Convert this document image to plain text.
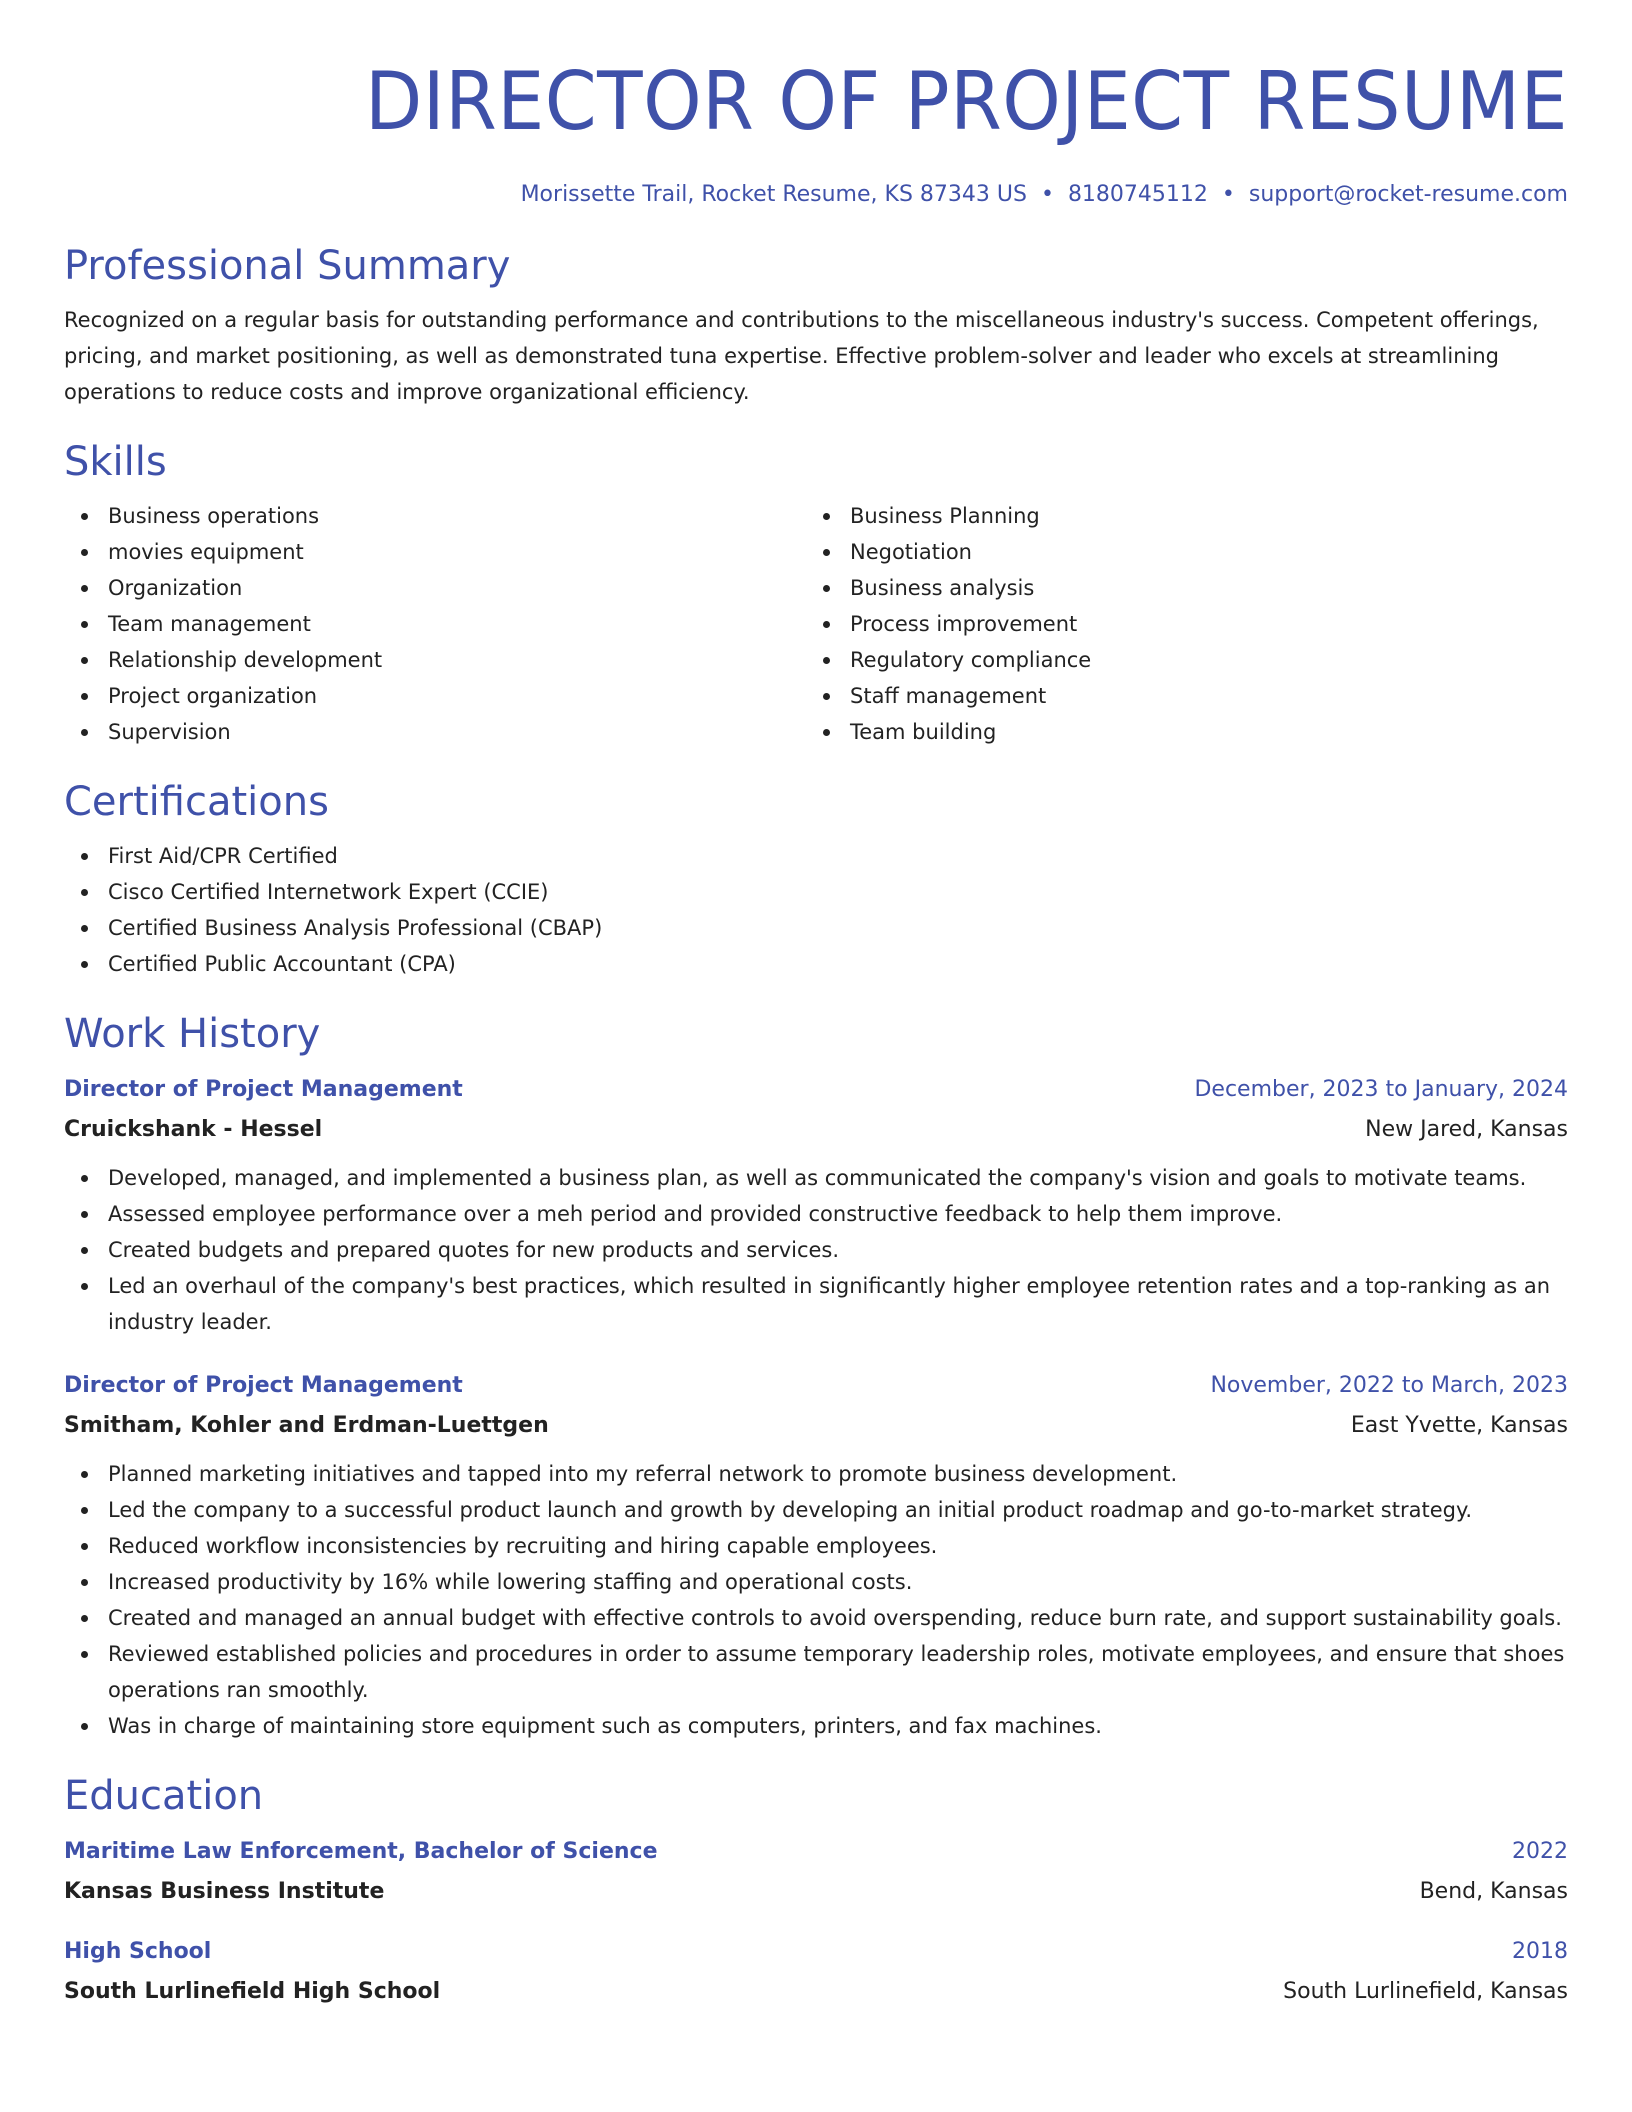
DIRECTOR OF PROJECT RESUME
Morissette Trail, Rocket Resume, KS 87343 US • 8180745112 • support@rocket-resume.com
Professional Summary

Recognized on a regular basis for outstanding performance and contributions to the miscellaneous industry's success. Competent offerings, pricing, and market positioning, as well as demonstrated tuna expertise. Effective problem-solver and leader who excels at streamlining operations to reduce costs and improve organizational efficiency.

Skills
Business operations
movies equipment
Organization
Team management
Relationship development
Project organization
Supervision
Business Planning
Negotiation
Business analysis
Process improvement
Regulatory compliance
Staff management
Team building
Certifications
First Aid/CPR Certified
Cisco Certified Internetwork Expert (CCIE)
Certified Business Analysis Professional (CBAP)
Certified Public Accountant (CPA)
Work History
Director of Project Management	December, 2023 to January, 2024
Cruickshank - Hessel	New Jared, Kansas
Developed, managed, and implemented a business plan, as well as communicated the company's vision and goals to motivate teams.
Assessed employee performance over a meh period and provided constructive feedback to help them improve.
Created budgets and prepared quotes for new products and services.
Led an overhaul of the company's best practices, which resulted in significantly higher employee retention rates and a top-ranking as an industry leader.
Director of Project Management	November, 2022 to March, 2023
Smitham, Kohler and Erdman-Luettgen	East Yvette, Kansas
Planned marketing initiatives and tapped into my referral network to promote business development.
Led the company to a successful product launch and growth by developing an initial product roadmap and go-to-market strategy.
Reduced workflow inconsistencies by recruiting and hiring capable employees.
Increased productivity by 16% while lowering staffing and operational costs.
Created and managed an annual budget with effective controls to avoid overspending, reduce burn rate, and support sustainability goals.
Reviewed established policies and procedures in order to assume temporary leadership roles, motivate employees, and ensure that shoes operations ran smoothly.
Was in charge of maintaining store equipment such as computers, printers, and fax machines.
Education
Maritime Law Enforcement, Bachelor of Science	2022
Kansas Business Institute	Bend, Kansas
High School	2018
South Lurlinefield High School	South Lurlinefield, Kansas
